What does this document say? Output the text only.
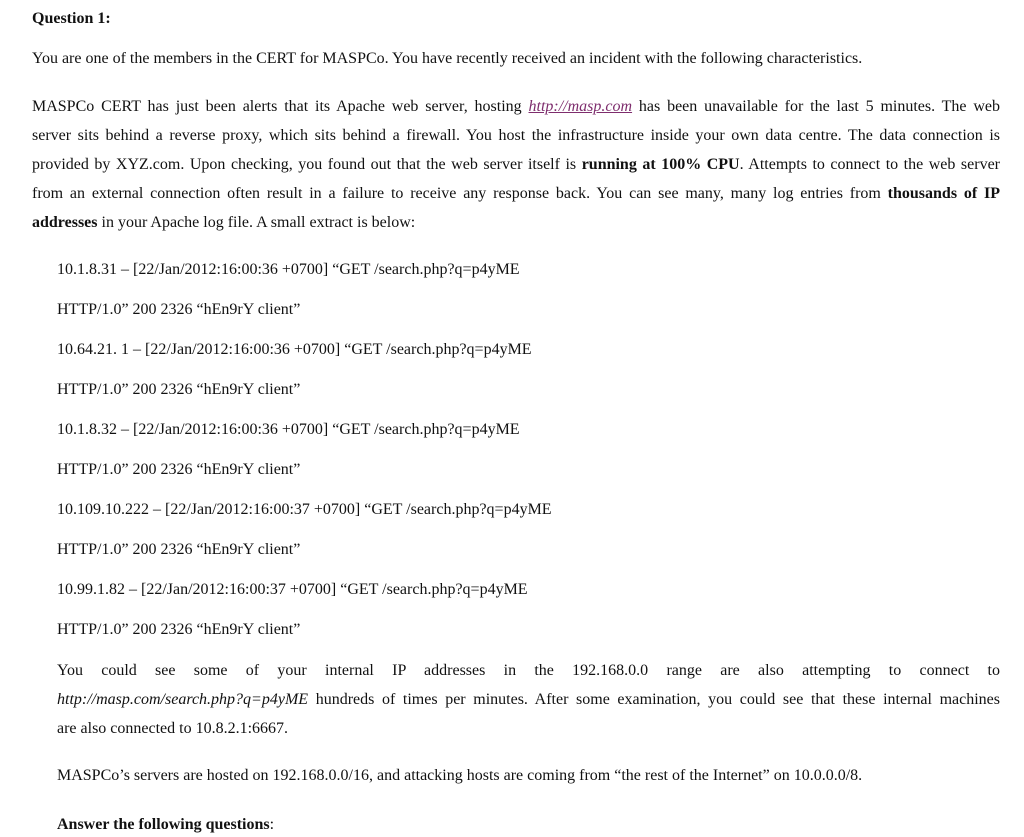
Question 1:
You are one of the members in the CERT for MASPCo. You have recently received an incident with the following characteristics.
MASPCo CERT has just been alerts that its Apache web server, hosting http://masp.com has been unavailable for the last 5 minutes. The web
server sits behind a reverse proxy, which sits behind a firewall. You host the infrastructure inside your own data centre. The data connection is
provided by XYZ.com. Upon checking, you found out that the web server itself is running at 100% CPU. Attempts to connect to the web server
from an external connection often result in a failure to receive any response back. You can see many, many log entries from thousands of IP
addresses in your Apache log file. A small extract is below:
10.1.8.31 – [22/Jan/2012:16:00:36 +0700] “GET /search.php?q=p4yME
HTTP/1.0” 200 2326 “hEn9rY client”
10.64.21. 1 – [22/Jan/2012:16:00:36 +0700] “GET /search.php?q=p4yME
HTTP/1.0” 200 2326 “hEn9rY client”
10.1.8.32 – [22/Jan/2012:16:00:36 +0700] “GET /search.php?q=p4yME
HTTP/1.0” 200 2326 “hEn9rY client”
10.109.10.222 – [22/Jan/2012:16:00:37 +0700] “GET /search.php?q=p4yME
HTTP/1.0” 200 2326 “hEn9rY client”
10.99.1.82 – [22/Jan/2012:16:00:37 +0700] “GET /search.php?q=p4yME
HTTP/1.0” 200 2326 “hEn9rY client”
You could see some of your internal IP addresses in the 192.168.0.0 range are also attempting to connect to
http://masp.com/search.php?q=p4yME hundreds of times per minutes. After some examination, you could see that these internal machines
are also connected to 10.8.2.1:6667.
MASPCo’s servers are hosted on 192.168.0.0/16, and attacking hosts are coming from “the rest of the Internet” on 10.0.0.0/8.
Answer the following questions:
